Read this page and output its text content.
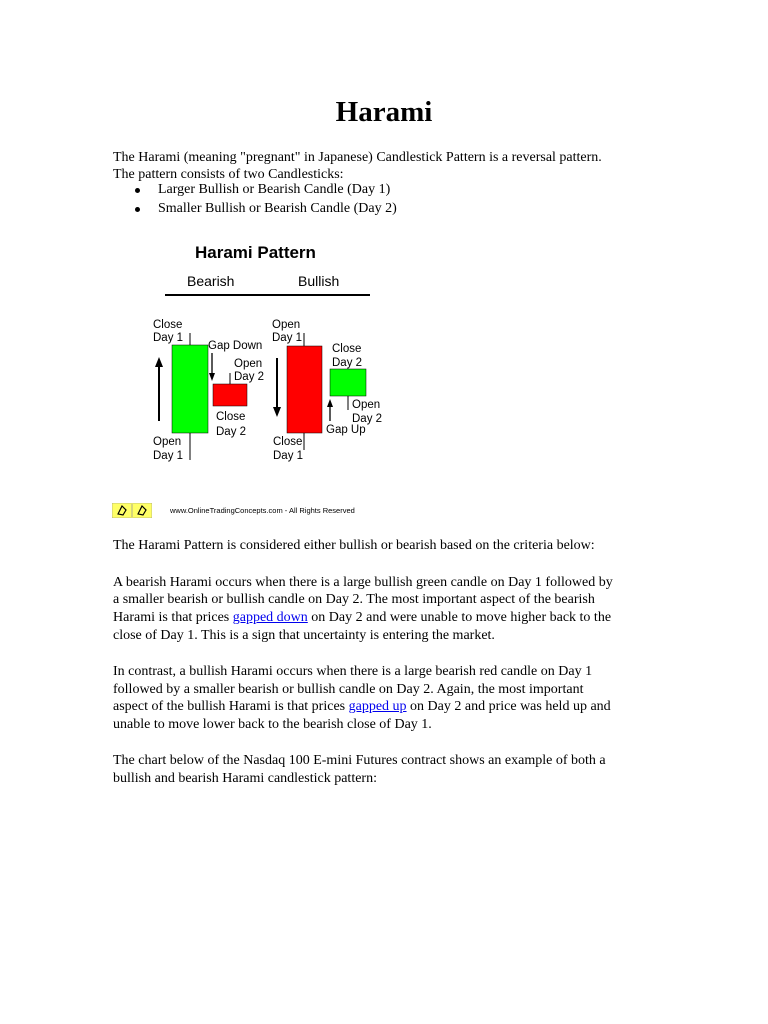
Harami

The Harami (meaning "pregnant" in Japanese) Candlestick Pattern is a reversal pattern.

The pattern consists of two Candlesticks:

Larger Bullish or Bearish Candle (Day 1)
Smaller Bullish or Bearish Candle (Day 2)
Harami Pattern
Bearish	Bullish
Close
Day 1
Gap Down
Open
Day 2
Close
Day 2
Open
Day 1
Open
Day 1
Close
Day 2
Open
Day 2
Gap Up
Close
Day 1
www.OnlineTradingConcepts.com - All Rights Reserved

The Harami Pattern is considered either bullish or bearish based on the criteria below:

A bearish Harami occurs when there is a large bullish green candle on Day 1 followed by

a smaller bearish or bullish candle on Day 2. The most important aspect of the bearish

Harami is that prices gapped down on Day 2 and were unable to move higher back to the

close of Day 1. This is a sign that uncertainty is entering the market.

In contrast, a bullish Harami occurs when there is a large bearish red candle on Day 1

followed by a smaller bearish or bullish candle on Day 2. Again, the most important

aspect of the bullish Harami is that prices gapped up on Day 2 and price was held up and

unable to move lower back to the bearish close of Day 1.

The chart below of the Nasdaq 100 E-mini Futures contract shows an example of both a

bullish and bearish Harami candlestick pattern:
